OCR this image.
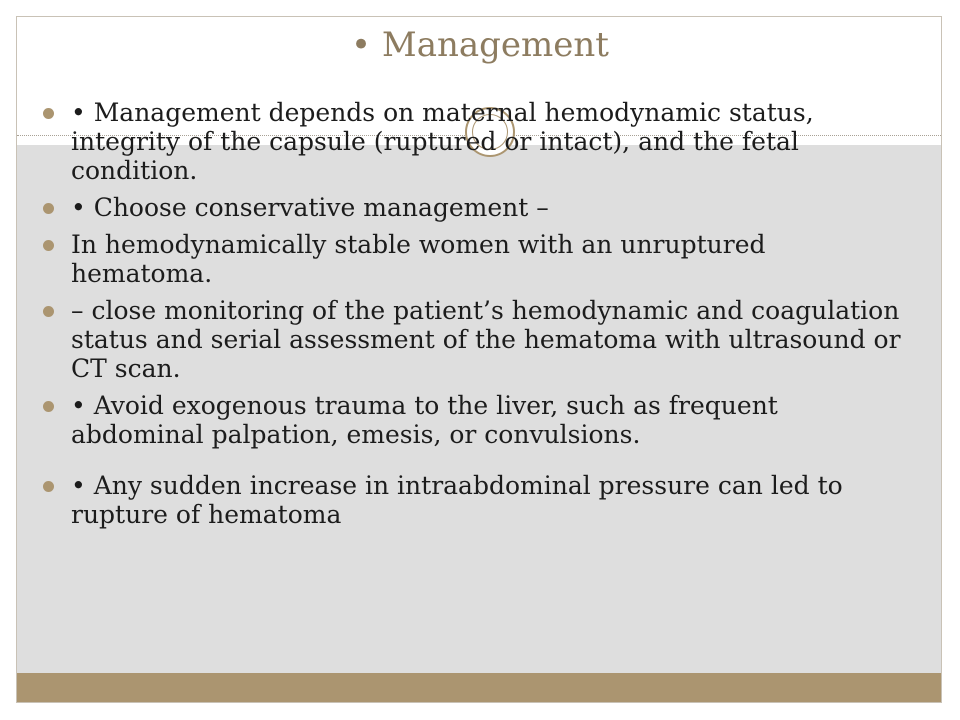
• Management
• Management depends on maternal hemodynamic status, integrity of the capsule (ruptured or intact), and the fetal condition.
• Choose conservative management –
In hemodynamically stable women with an unruptured hematoma.
– close monitoring of the patient’s hemodynamic and coagulation status and serial assessment of the hematoma with ultrasound or CT scan.
• Avoid exogenous trauma to the liver, such as frequent abdominal palpation, emesis, or convulsions.
• Any sudden increase in intraabdominal pressure can led to rupture of hematoma
